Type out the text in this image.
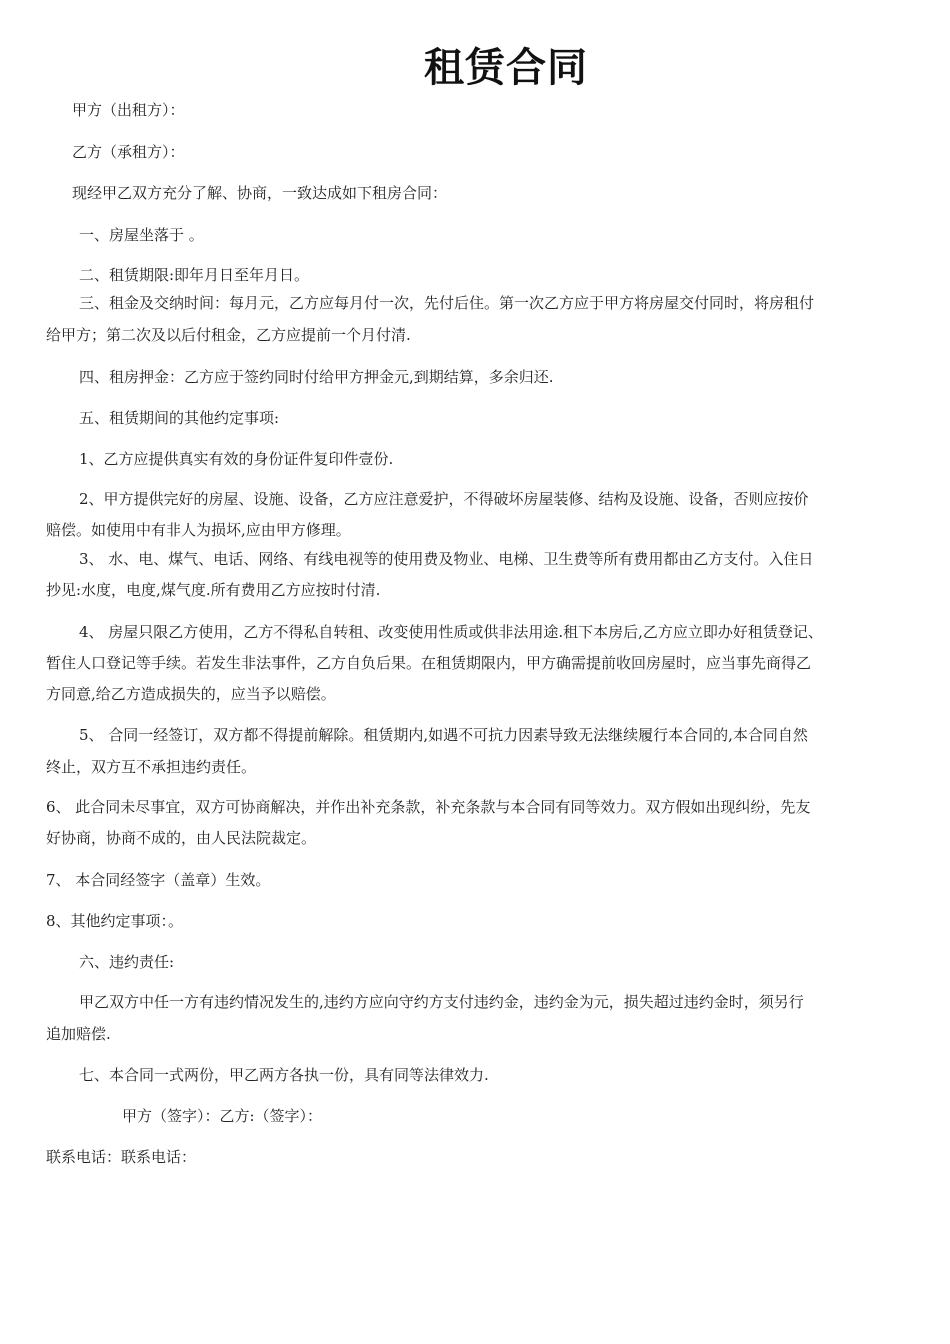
租赁合同
甲方（出租方）：
乙方（承租方）：
现经甲乙双方充分了解、协商，一致达成如下租房合同：
一、房屋坐落于 。
二、租赁期限:即年月日至年月日。
三、租金及交纳时间：每月元，乙方应每月付一次，先付后住。第一次乙方应于甲方将房屋交付同时，将房租付
给甲方；第二次及以后付租金，乙方应提前一个月付清.
四、租房押金：乙方应于签约同时付给甲方押金元,到期结算，多余归还.
五、租赁期间的其他约定事项:
1、乙方应提供真实有效的身份证件复印件壹份.
2、甲方提供完好的房屋、设施、设备，乙方应注意爱护，不得破坏房屋装修、结构及设施、设备，否则应按价
赔偿。如使用中有非人为损坏,应由甲方修理。
3、 水、电、煤气、电话、网络、有线电视等的使用费及物业、电梯、卫生费等所有费用都由乙方支付。入住日
抄见:水度，电度,煤气度.所有费用乙方应按时付清.
4、 房屋只限乙方使用，乙方不得私自转租、改变使用性质或供非法用途.租下本房后,乙方应立即办好租赁登记、
暂住人口登记等手续。若发生非法事件，乙方自负后果。在租赁期限内，甲方确需提前收回房屋时，应当事先商得乙
方同意,给乙方造成损失的，应当予以赔偿。
5、 合同一经签订，双方都不得提前解除。租赁期内,如遇不可抗力因素导致无法继续履行本合同的,本合同自然
终止，双方互不承担违约责任。
6、 此合同未尽事宜，双方可协商解决，并作出补充条款，补充条款与本合同有同等效力。双方假如出现纠纷，先友
好协商，协商不成的，由人民法院裁定。
7、 本合同经签字（盖章）生效。
8、其他约定事项：。
六、违约责任:
甲乙双方中任一方有违约情况发生的,违约方应向守约方支付违约金，违约金为元，损失超过违约金时，须另行
追加赔偿.
七、本合同一式两份，甲乙两方各执一份，具有同等法律效力.
甲方（签字）：乙方:（签字）：
联系电话：联系电话：
